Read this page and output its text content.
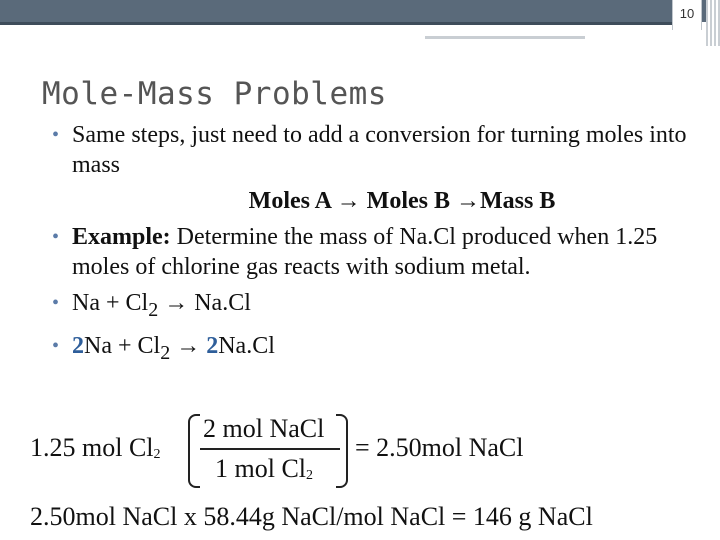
10
Mole-Mass Problems

• Same steps, just need to add a conversion for turning moles into mass

Moles A → Moles B →Mass B

• Example: Determine the mass of Na.Cl produced when 1.25 moles of chlorine gas reacts with sodium metal.

• $Na + Cl_2 \to Na.Cl$

• $2Na + Cl_2 \to 2Na.Cl$

1.25 mol Cl2
2 mol NaCl
1 mol Cl2
= 2.50mol NaCl
2.50mol NaCl x 58.44g NaCl/mol NaCl = 146 g NaCl
